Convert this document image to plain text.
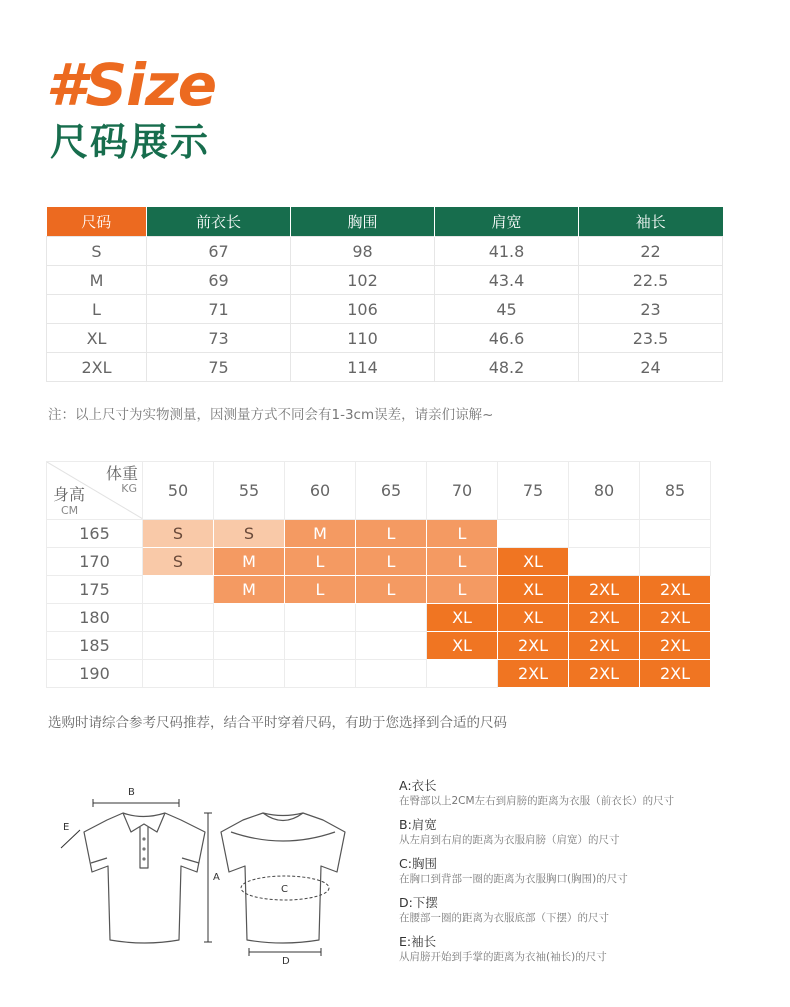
#Size
尺码展示
尺码	前衣长	胸围	肩宽	袖长
S	67	98	41.8	22
M	69	102	43.4	22.5
L	71	106	45	23
XL	73	110	46.6	23.5
2XL	75	114	48.2	24

注：以上尺寸为实物测量，因测量方式不同会有1-3cm误差，请亲们谅解~

体重
KG
身高
CM	50	55	60	65	70	75	80	85
165	S	S	M	L	L			
170	S	M	L	L	L	XL		
175		M	L	L	L	XL	2XL	2XL
180					XL	XL	2XL	2XL
185					XL	2XL	2XL	2XL
190						2XL	2XL	2XL

选购时请综合参考尺码推荐，结合平时穿着尺码，有助于您选择到合适的尺码

B
A
C
D
E
A:衣长
在臀部以上2CM左右到肩膀的距离为衣服（前衣长）的尺寸
B:肩宽
从左肩到右肩的距离为衣服肩膀（肩宽）的尺寸
C:胸围
在胸口到背部一圈的距离为衣服胸口(胸围)的尺寸
D:下摆
在腰部一圈的距离为衣服底部（下摆）的尺寸
E:袖长
从肩膀开始到手掌的距离为衣袖(袖长)的尺寸
